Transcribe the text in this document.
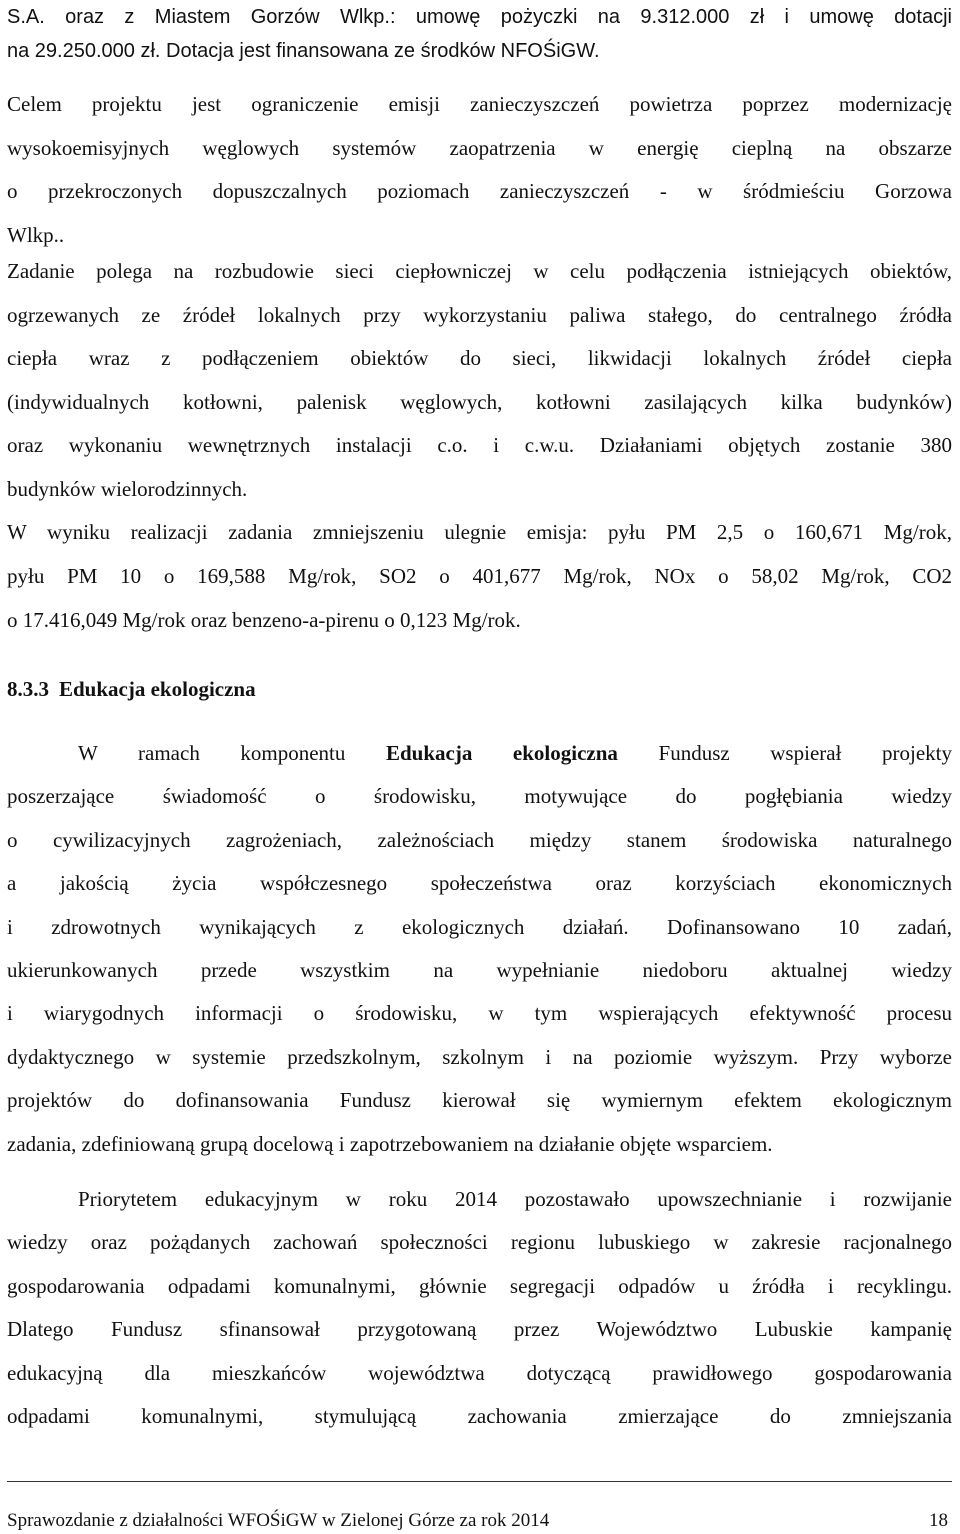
S.A. oraz z Miastem Gorzów Wlkp.: umowę pożyczki na 9.312.000 zł i umowę dotacji
na 29.250.000 zł. Dotacja jest finansowana ze środków NFOŚiGW.
Celem projektu jest ograniczenie emisji zanieczyszczeń powietrza poprzez modernizację
wysokoemisyjnych węglowych systemów zaopatrzenia w energię cieplną na obszarze
o przekroczonych dopuszczalnych poziomach zanieczyszczeń - w śródmieściu Gorzowa
Wlkp..
Zadanie polega na rozbudowie sieci ciepłowniczej w celu podłączenia istniejących obiektów,
ogrzewanych ze źródeł lokalnych przy wykorzystaniu paliwa stałego, do centralnego źródła
ciepła wraz z podłączeniem obiektów do sieci, likwidacji lokalnych źródeł ciepła
(indywidualnych kotłowni, palenisk węglowych, kotłowni zasilających kilka budynków)
oraz wykonaniu wewnętrznych instalacji c.o. i c.w.u. Działaniami objętych zostanie 380
budynków wielorodzinnych.
W wyniku realizacji zadania zmniejszeniu ulegnie emisja: pyłu PM 2,5 o 160,671 Mg/rok,
pyłu PM 10 o 169,588 Mg/rok, SO2 o 401,677 Mg/rok, NOx o 58,02 Mg/rok, CO2
o 17.416,049 Mg/rok oraz benzeno-a-pirenu o 0,123 Mg/rok.
8.3.3 Edukacja ekologiczna
W ramach komponentu Edukacja ekologiczna Fundusz wspierał projekty
poszerzające świadomość o środowisku, motywujące do pogłębiania wiedzy
o cywilizacyjnych zagrożeniach, zależnościach między stanem środowiska naturalnego
a jakością życia współczesnego społeczeństwa oraz korzyściach ekonomicznych
i zdrowotnych wynikających z ekologicznych działań. Dofinansowano 10 zadań,
ukierunkowanych przede wszystkim na wypełnianie niedoboru aktualnej wiedzy
i wiarygodnych informacji o środowisku, w tym wspierających efektywność procesu
dydaktycznego w systemie przedszkolnym, szkolnym i na poziomie wyższym. Przy wyborze
projektów do dofinansowania Fundusz kierował się wymiernym efektem ekologicznym
zadania, zdefiniowaną grupą docelową i zapotrzebowaniem na działanie objęte wsparciem.
Priorytetem edukacyjnym w roku 2014 pozostawało upowszechnianie i rozwijanie
wiedzy oraz pożądanych zachowań społeczności regionu lubuskiego w zakresie racjonalnego
gospodarowania odpadami komunalnymi, głównie segregacji odpadów u źródła i recyklingu.
Dlatego Fundusz sfinansował przygotowaną przez Województwo Lubuskie kampanię
edukacyjną dla mieszkańców województwa dotyczącą prawidłowego gospodarowania
odpadami komunalnymi, stymulującą zachowania zmierzające do zmniejszania
Sprawozdanie z działalności WFOŚiGW w Zielonej Górze za rok 2014	18
